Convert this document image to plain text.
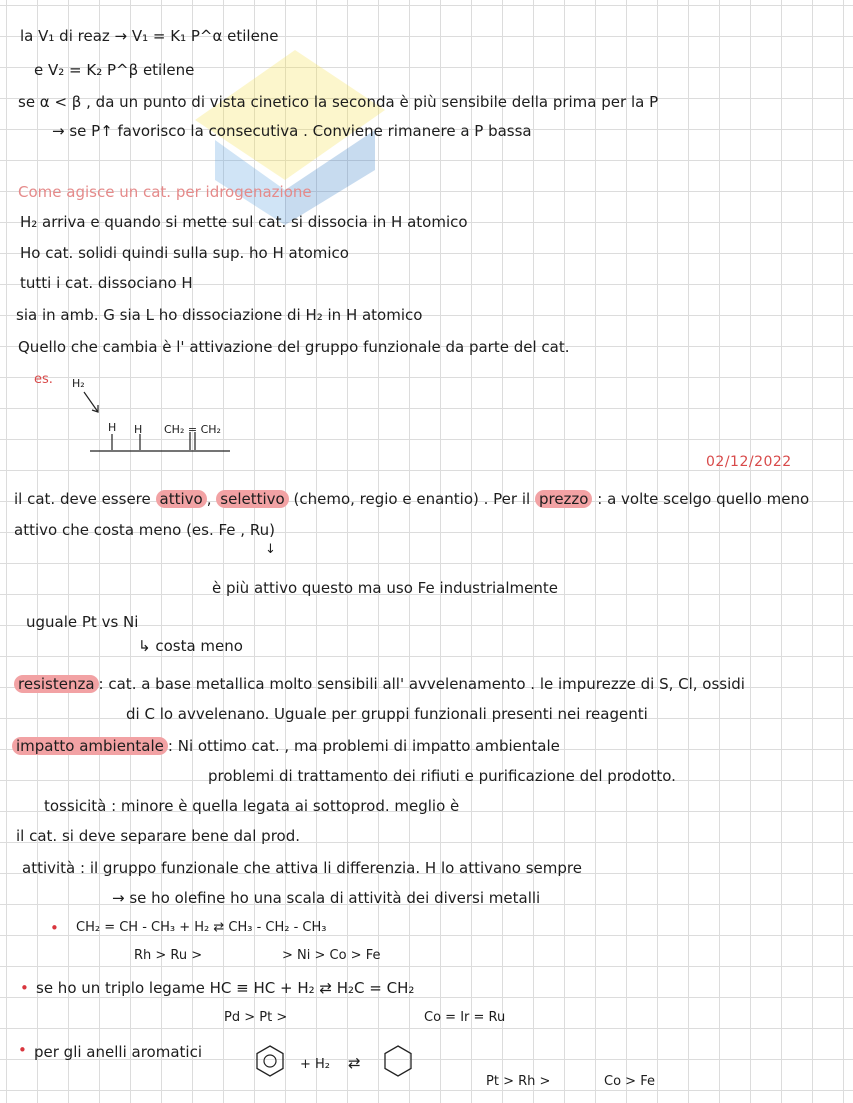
la V₁ di reaz → V₁ = K₁ P^α etilene
e V₂ = K₂ P^β etilene
se α < β , da un punto di vista cinetico la seconda è più sensibile della prima per la P
→ se P↑ favorisco la consecutiva . Conviene rimanere a P bassa
Come agisce un cat. per idrogenazione
H₂ arriva e quando si mette sul cat. si dissocia in H atomico
Ho cat. solidi quindi sulla sup. ho H atomico
tutti i cat. dissociano H
sia in amb. G sia L ho dissociazione di H₂ in H atomico
Quello che cambia è l' attivazione del gruppo funzionale da parte del cat.
es. H₂
H H CH₂ = CH₂
02/12/2022
il cat. deve essere attivo , selettivo (chemo, regio e enantio) . Per il prezzo : a volte scelgo quello meno
attivo che costa meno (es. Fe , Ru)
↓
è più attivo questo ma uso Fe industrialmente
uguale Pt vs Ni
↳ costa meno
resistenza : cat. a base metallica molto sensibili all' avvelenamento . le impurezze di S, Cl, ossidi
di C lo avvelenano. Uguale per gruppi funzionali presenti nei reagenti
impatto ambientale : Ni ottimo cat. , ma problemi di impatto ambientale
problemi di trattamento dei rifiuti e purificazione del prodotto.
tossicità : minore è quella legata ai sottoprod. meglio è
il cat. si deve separare bene dal prod.
attività : il gruppo funzionale che attiva li differenzia. H lo attivano sempre
→ se ho olefine ho una scala di attività dei diversi metalli
• CH₂ = CH - CH₃ + H₂ ⇄ CH₃ - CH₂ - CH₃
Rh > Ru >	> Ni > Co > Fe
• se ho un triplo legame HC ≡ HC + H₂ ⇄ H₂C = CH₂
Pd > Pt >	Co = Ir = Ru
• per gli anelli aromatici
+ H₂ ⇄
Pt > Rh >	Co > Fe
